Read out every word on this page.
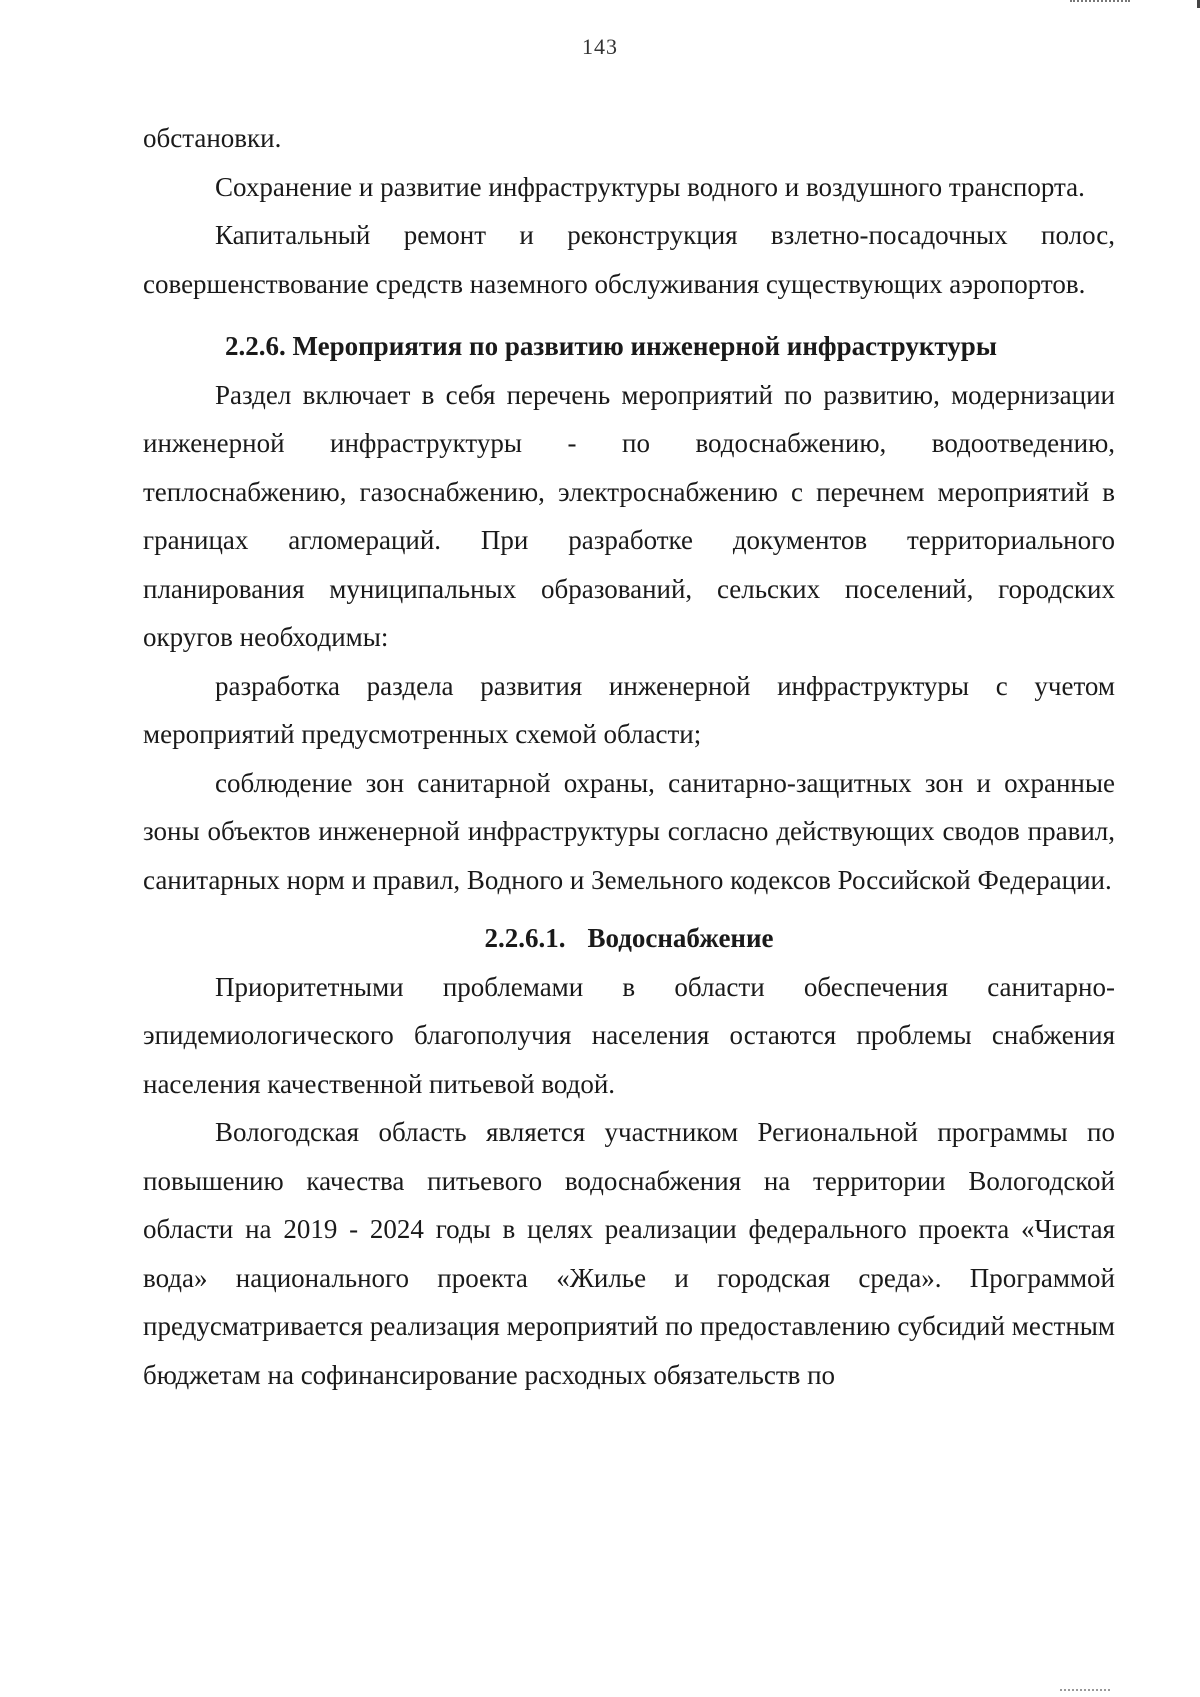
143

обстановки.

Сохранение и развитие инфраструктуры водного и воздушного транспорта.

Капитальный ремонт и реконструкция взлетно-посадочных полос, совершенствование средств наземного обслуживания существующих аэропортов.

2.2.6. Мероприятия по развитию инженерной инфраструктуры

Раздел включает в себя перечень мероприятий по развитию, модернизации инженерной инфраструктуры - по водоснабжению, водоотведению, теплоснабжению, газоснабжению, электроснабжению с перечнем мероприятий в границах агломераций. При разработке документов территориального планирования муниципальных образований, сельских поселений, городских округов необходимы:

разработка раздела развития инженерной инфраструктуры с учетом мероприятий предусмотренных схемой области;

соблюдение зон санитарной охраны, санитарно-защитных зон и охранные зоны объектов инженерной инфраструктуры согласно действующих сводов правил, санитарных норм и правил, Водного и Земельного кодексов Российской Федерации.

2.2.6.1. Водоснабжение

Приоритетными проблемами в области обеспечения санитарно-эпидемиологического благополучия населения остаются проблемы снабжения населения качественной питьевой водой.

Вологодская область является участником Региональной программы по повышению качества питьевого водоснабжения на территории Вологодской области на 2019 - 2024 годы в целях реализации федерального проекта «Чистая вода» национального проекта «Жилье и городская среда». Программой предусматривается реализация мероприятий по предоставлению субсидий местным бюджетам на софинансирование расходных обязательств по
